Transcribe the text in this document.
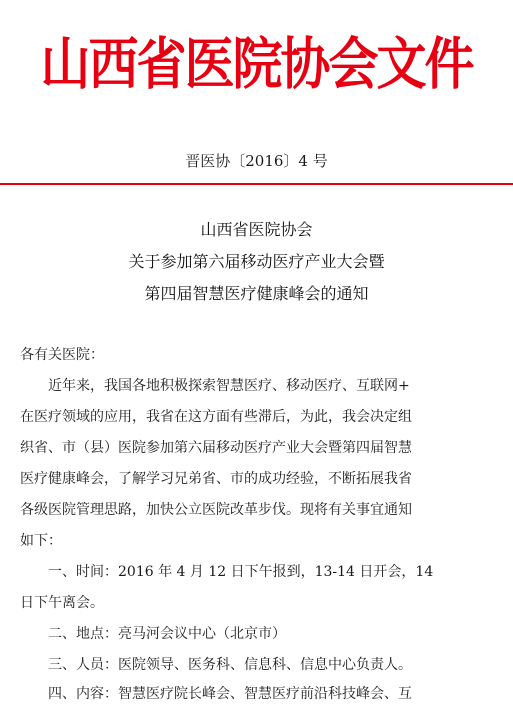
山西省医院协会文件
晋医协〔2016〕4 号
山西省医院协会
关于参加第六届移动医疗产业大会暨
第四届智慧医疗健康峰会的通知
各有关医院：
近年来，我国各地积极探索智慧医疗、移动医疗、互联网+
在医疗领域的应用，我省在这方面有些滞后，为此，我会决定组
织省、市（县）医院参加第六届移动医疗产业大会暨第四届智慧
医疗健康峰会，了解学习兄弟省、市的成功经验，不断拓展我省
各级医院管理思路，加快公立医院改革步伐。现将有关事宜通知
如下：
一、时间：2016 年 4 月 12 日下午报到，13-14 日开会，14
日下午离会。
二、地点：亮马河会议中心（北京市）
三、人员：医院领导、医务科、信息科、信息中心负责人。
四、内容：智慧医疗院长峰会、智慧医疗前沿科技峰会、互
